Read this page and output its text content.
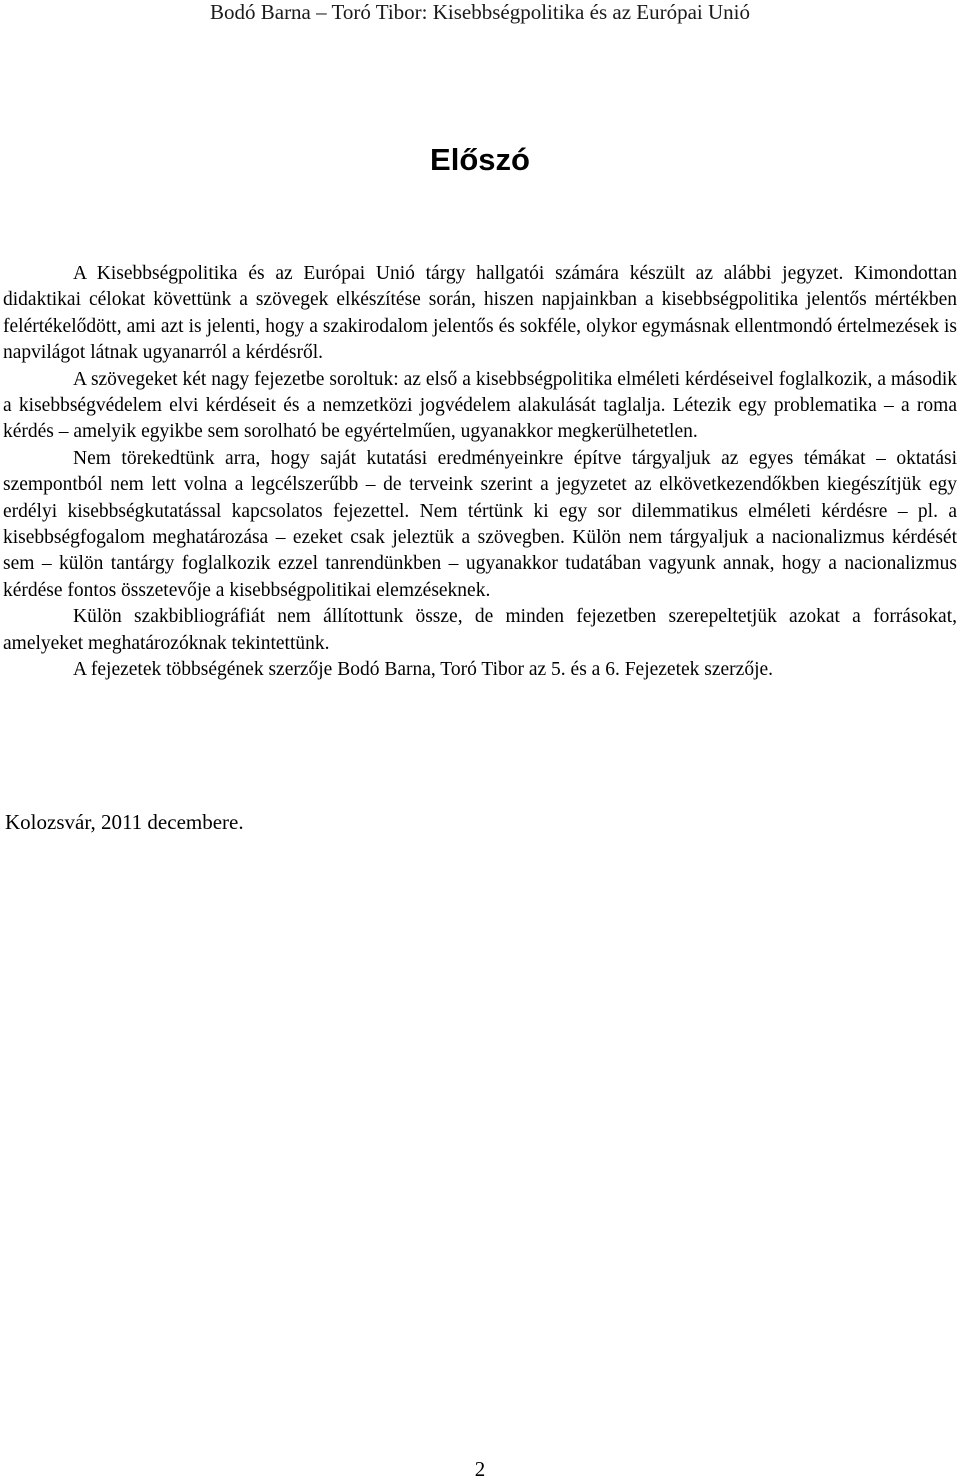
Bodó Barna – Toró Tibor: Kisebbségpolitika és az Európai Unió
Előszó

A Kisebbségpolitika és az Európai Unió tárgy hallgatói számára készült az alábbi jegyzet. Kimondottan didaktikai célokat követtünk a szövegek elkészítése során, hiszen napjainkban a kisebbségpolitika jelentős mértékben felértékelődött, ami azt is jelenti, hogy a szakirodalom jelentős és sokféle, olykor egymásnak ellentmondó értelmezések is napvilágot látnak ugyanarról a kérdésről.

A szövegeket két nagy fejezetbe soroltuk: az első a kisebbségpolitika elméleti kérdéseivel foglalkozik, a második a kisebbségvédelem elvi kérdéseit és a nemzetközi jogvédelem alakulását taglalja. Létezik egy problematika – a roma kérdés – amelyik egyikbe sem sorolható be egyértelműen, ugyanakkor megkerülhetetlen.

Nem törekedtünk arra, hogy saját kutatási eredményeinkre építve tárgyaljuk az egyes témákat – oktatási szempontból nem lett volna a legcélszerűbb – de terveink szerint a jegyzetet az elkövetkezendőkben kiegészítjük egy erdélyi kisebbségkutatással kapcsolatos fejezettel. Nem tértünk ki egy sor dilemmatikus elméleti kérdésre – pl. a kisebbségfogalom meghatározása – ezeket csak jeleztük a szövegben. Külön nem tárgyaljuk a nacionalizmus kérdését sem – külön tantárgy foglalkozik ezzel tanrendünkben – ugyanakkor tudatában vagyunk annak, hogy a nacionalizmus kérdése fontos összetevője a kisebbségpolitikai elemzéseknek.

Külön szakbibliográfiát nem állítottunk össze, de minden fejezetben szerepeltetjük azokat a forrásokat, amelyeket meghatározóknak tekintettünk.

A fejezetek többségének szerzője Bodó Barna, Toró Tibor az 5. és a 6. Fejezetek szerzője.

Kolozsvár, 2011 decembere.
2
